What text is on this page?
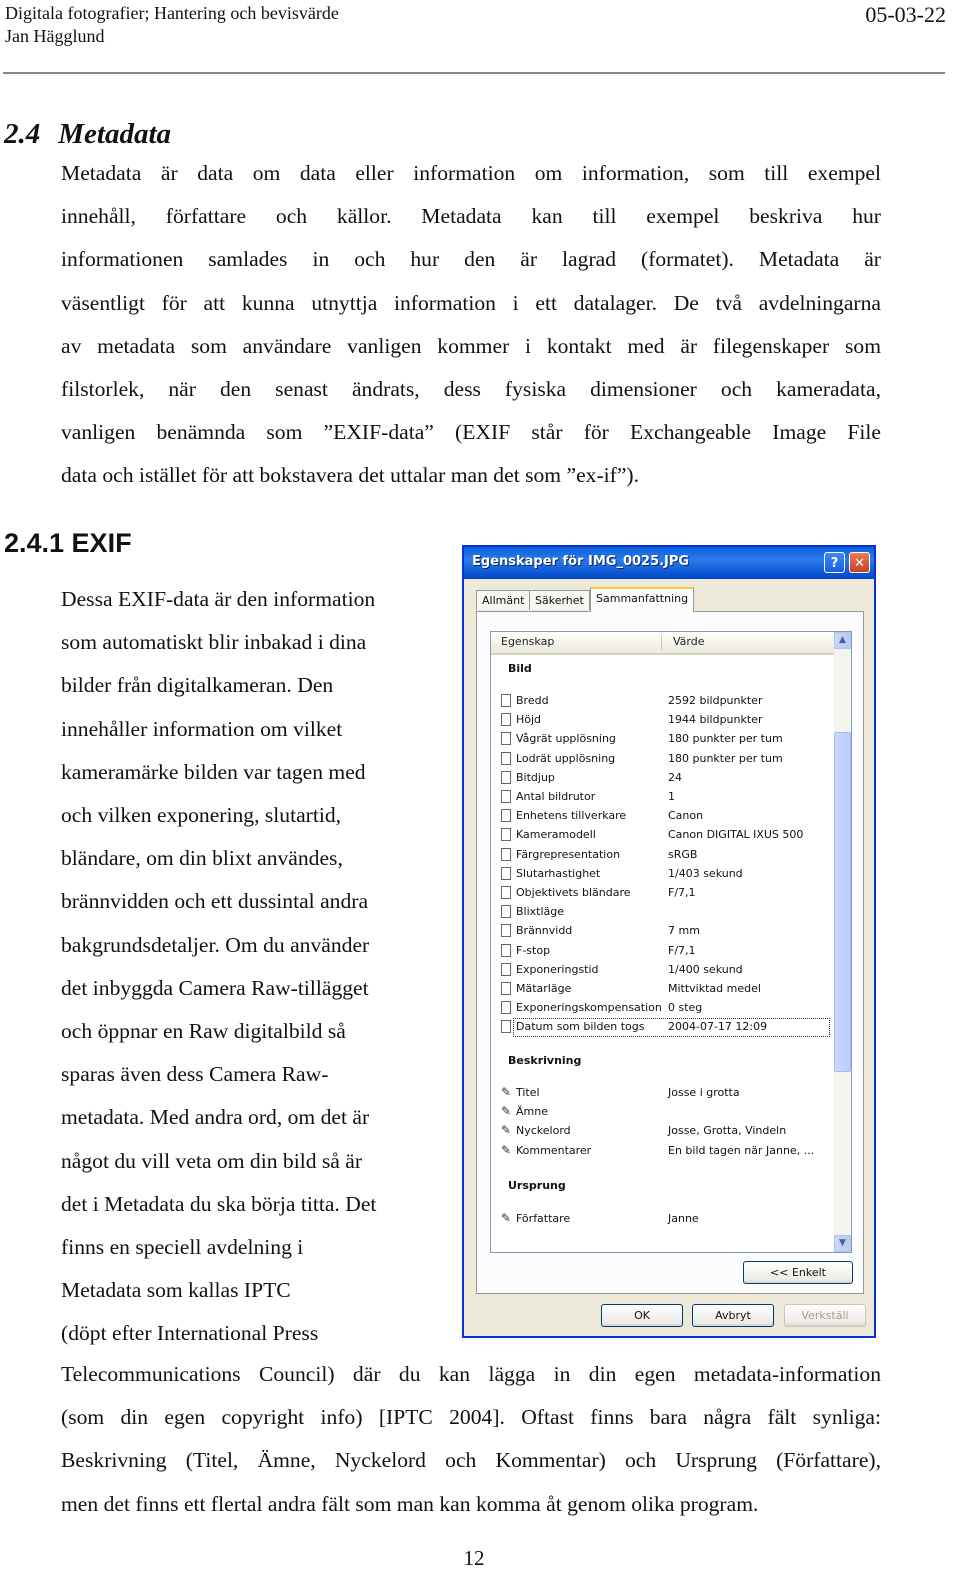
Digitala fotografier; Hantering och bevisvärde
Jan Hägglund
05-03-22
2.4 Metadata
Metadata är data om data eller information om information, som till exempel
innehåll, författare och källor. Metadata kan till exempel beskriva hur
informationen samlades in och hur den är lagrad (formatet). Metadata är
väsentligt för att kunna utnyttja information i ett datalager. De två avdelningarna
av metadata som användare vanligen kommer i kontakt med är filegenskaper som
filstorlek, när den senast ändrats, dess fysiska dimensioner och kameradata,
vanligen benämnda som ”EXIF-data” (EXIF står för Exchangeable Image File
data och istället för att bokstavera det uttalar man det som ”ex-if”).
2.4.1 EXIF
Dessa EXIF-data är den information
som automatiskt blir inbakad i dina
bilder från digitalkameran. Den
innehåller information om vilket
kameramärke bilden var tagen med
och vilken exponering, slutartid,
bländare, om din blixt användes,
brännvidden och ett dussintal andra
bakgrundsdetaljer. Om du använder
det inbyggda Camera Raw-tillägget
och öppnar en Raw digitalbild så
sparas även dess Camera Raw-
metadata. Med andra ord, om det är
något du vill veta om din bild så är
det i Metadata du ska börja titta. Det
finns en speciell avdelning i
Metadata som kallas IPTC
(döpt efter International Press
Telecommunications Council) där du kan lägga in din egen metadata-information
(som din egen copyright info) [IPTC 2004]. Oftast finns bara några fält synliga:
Beskrivning (Titel, Ämne, Nyckelord och Kommentar) och Ursprung (Författare),
men det finns ett flertal andra fält som man kan komma åt genom olika program.
12
Egenskaper för IMG_0025.JPG	?	✕
Allmänt Säkerhet	Sammanfattning
Egenskap	Värde	▲
▼
Bild
Bredd	2592 bildpunkter
Höjd	1944 bildpunkter
Vågrät upplösning	180 punkter per tum
Lodrät upplösning	180 punkter per tum
Bitdjup	24
Antal bildrutor	1
Enhetens tillverkare	Canon
Kameramodell	Canon DIGITAL IXUS 500
Färgrepresentation	sRGB
Slutarhastighet	1/403 sekund
Objektivets bländare	F/7,1
Blixtläge
Brännvidd	7 mm
F-stop	F/7,1
Exponeringstid	1/400 sekund
Mätarläge	Mittviktad medel
Exponeringskompensation 0 steg
Datum som bilden togs 2004-07-17 12:09
Beskrivning
✎ Titel	Josse i grotta
✎ Ämne
✎ Nyckelord	Josse, Grotta, Vindeln
✎ Kommentarer	En bild tagen när Janne, ...
Ursprung
✎ Författare	Janne
<< Enkelt
OK	Avbryt	Verkställ
